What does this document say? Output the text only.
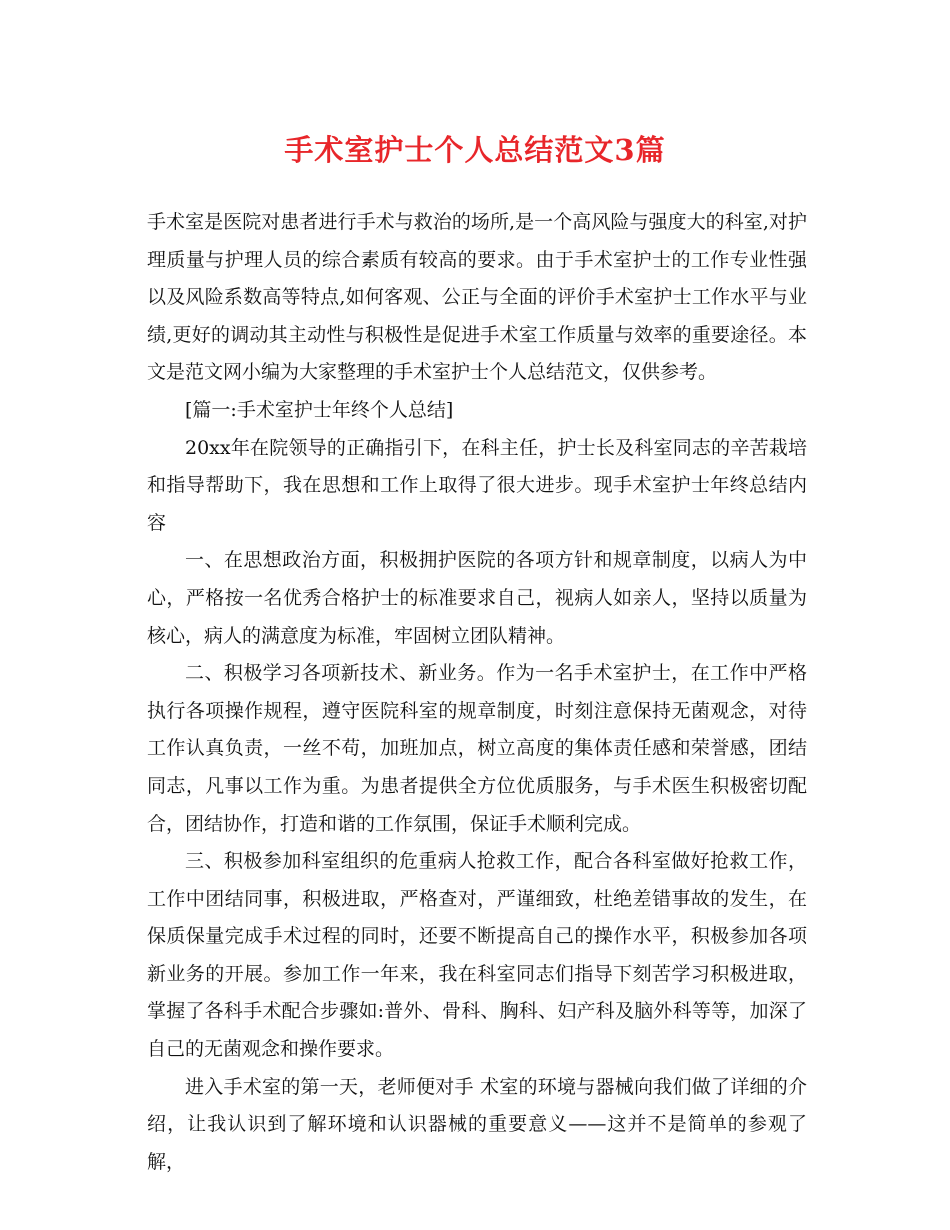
手术室护士个人总结范文3篇

手术室是医院对患者进行手术与救治的场所,是一个高风险与强度大的科室,对护理质量与护理人员的综合素质有较高的要求。由于手术室护士的工作专业性强以及风险系数高等特点,如何客观、公正与全面的评价手术室护士工作水平与业绩,更好的调动其主动性与积极性是促进手术室工作质量与效率的重要途径。本文是范文网小编为大家整理的手术室护士个人总结范文，仅供参考。

[篇一:手术室护士年终个人总结]

20xx年在院领导的正确指引下，在科主任，护士长及科室同志的辛苦栽培和指导帮助下，我在思想和工作上取得了很大进步。现手术室护士年终总结内容

一、在思想政治方面，积极拥护医院的各项方针和规章制度，以病人为中心，严格按一名优秀合格护士的标准要求自己，视病人如亲人，坚持以质量为核心，病人的满意度为标准，牢固树立团队精神。

二、积极学习各项新技术、新业务。作为一名手术室护士，在工作中严格执行各项操作规程，遵守医院科室的规章制度，时刻注意保持无菌观念，对待工作认真负责，一丝不苟，加班加点，树立高度的集体责任感和荣誉感，团结同志，凡事以工作为重。为患者提供全方位优质服务，与手术医生积极密切配合，团结协作，打造和谐的工作氛围，保证手术顺利完成。

三、积极参加科室组织的危重病人抢救工作，配合各科室做好抢救工作，工作中团结同事，积极进取，严格查对，严谨细致，杜绝差错事故的发生，在保质保量完成手术过程的同时，还要不断提高自己的操作水平，积极参加各项新业务的开展。参加工作一年来，我在科室同志们指导下刻苦学习积极进取，掌握了各科手术配合步骤如:普外、骨科、胸科、妇产科及脑外科等等，加深了自己的无菌观念和操作要求。

进入手术室的第一天，老师便对手 术室的环境与器械向我们做了详细的介绍，让我认识到了解环境和认识器械的重要意义——这并不是简单的参观了解，
